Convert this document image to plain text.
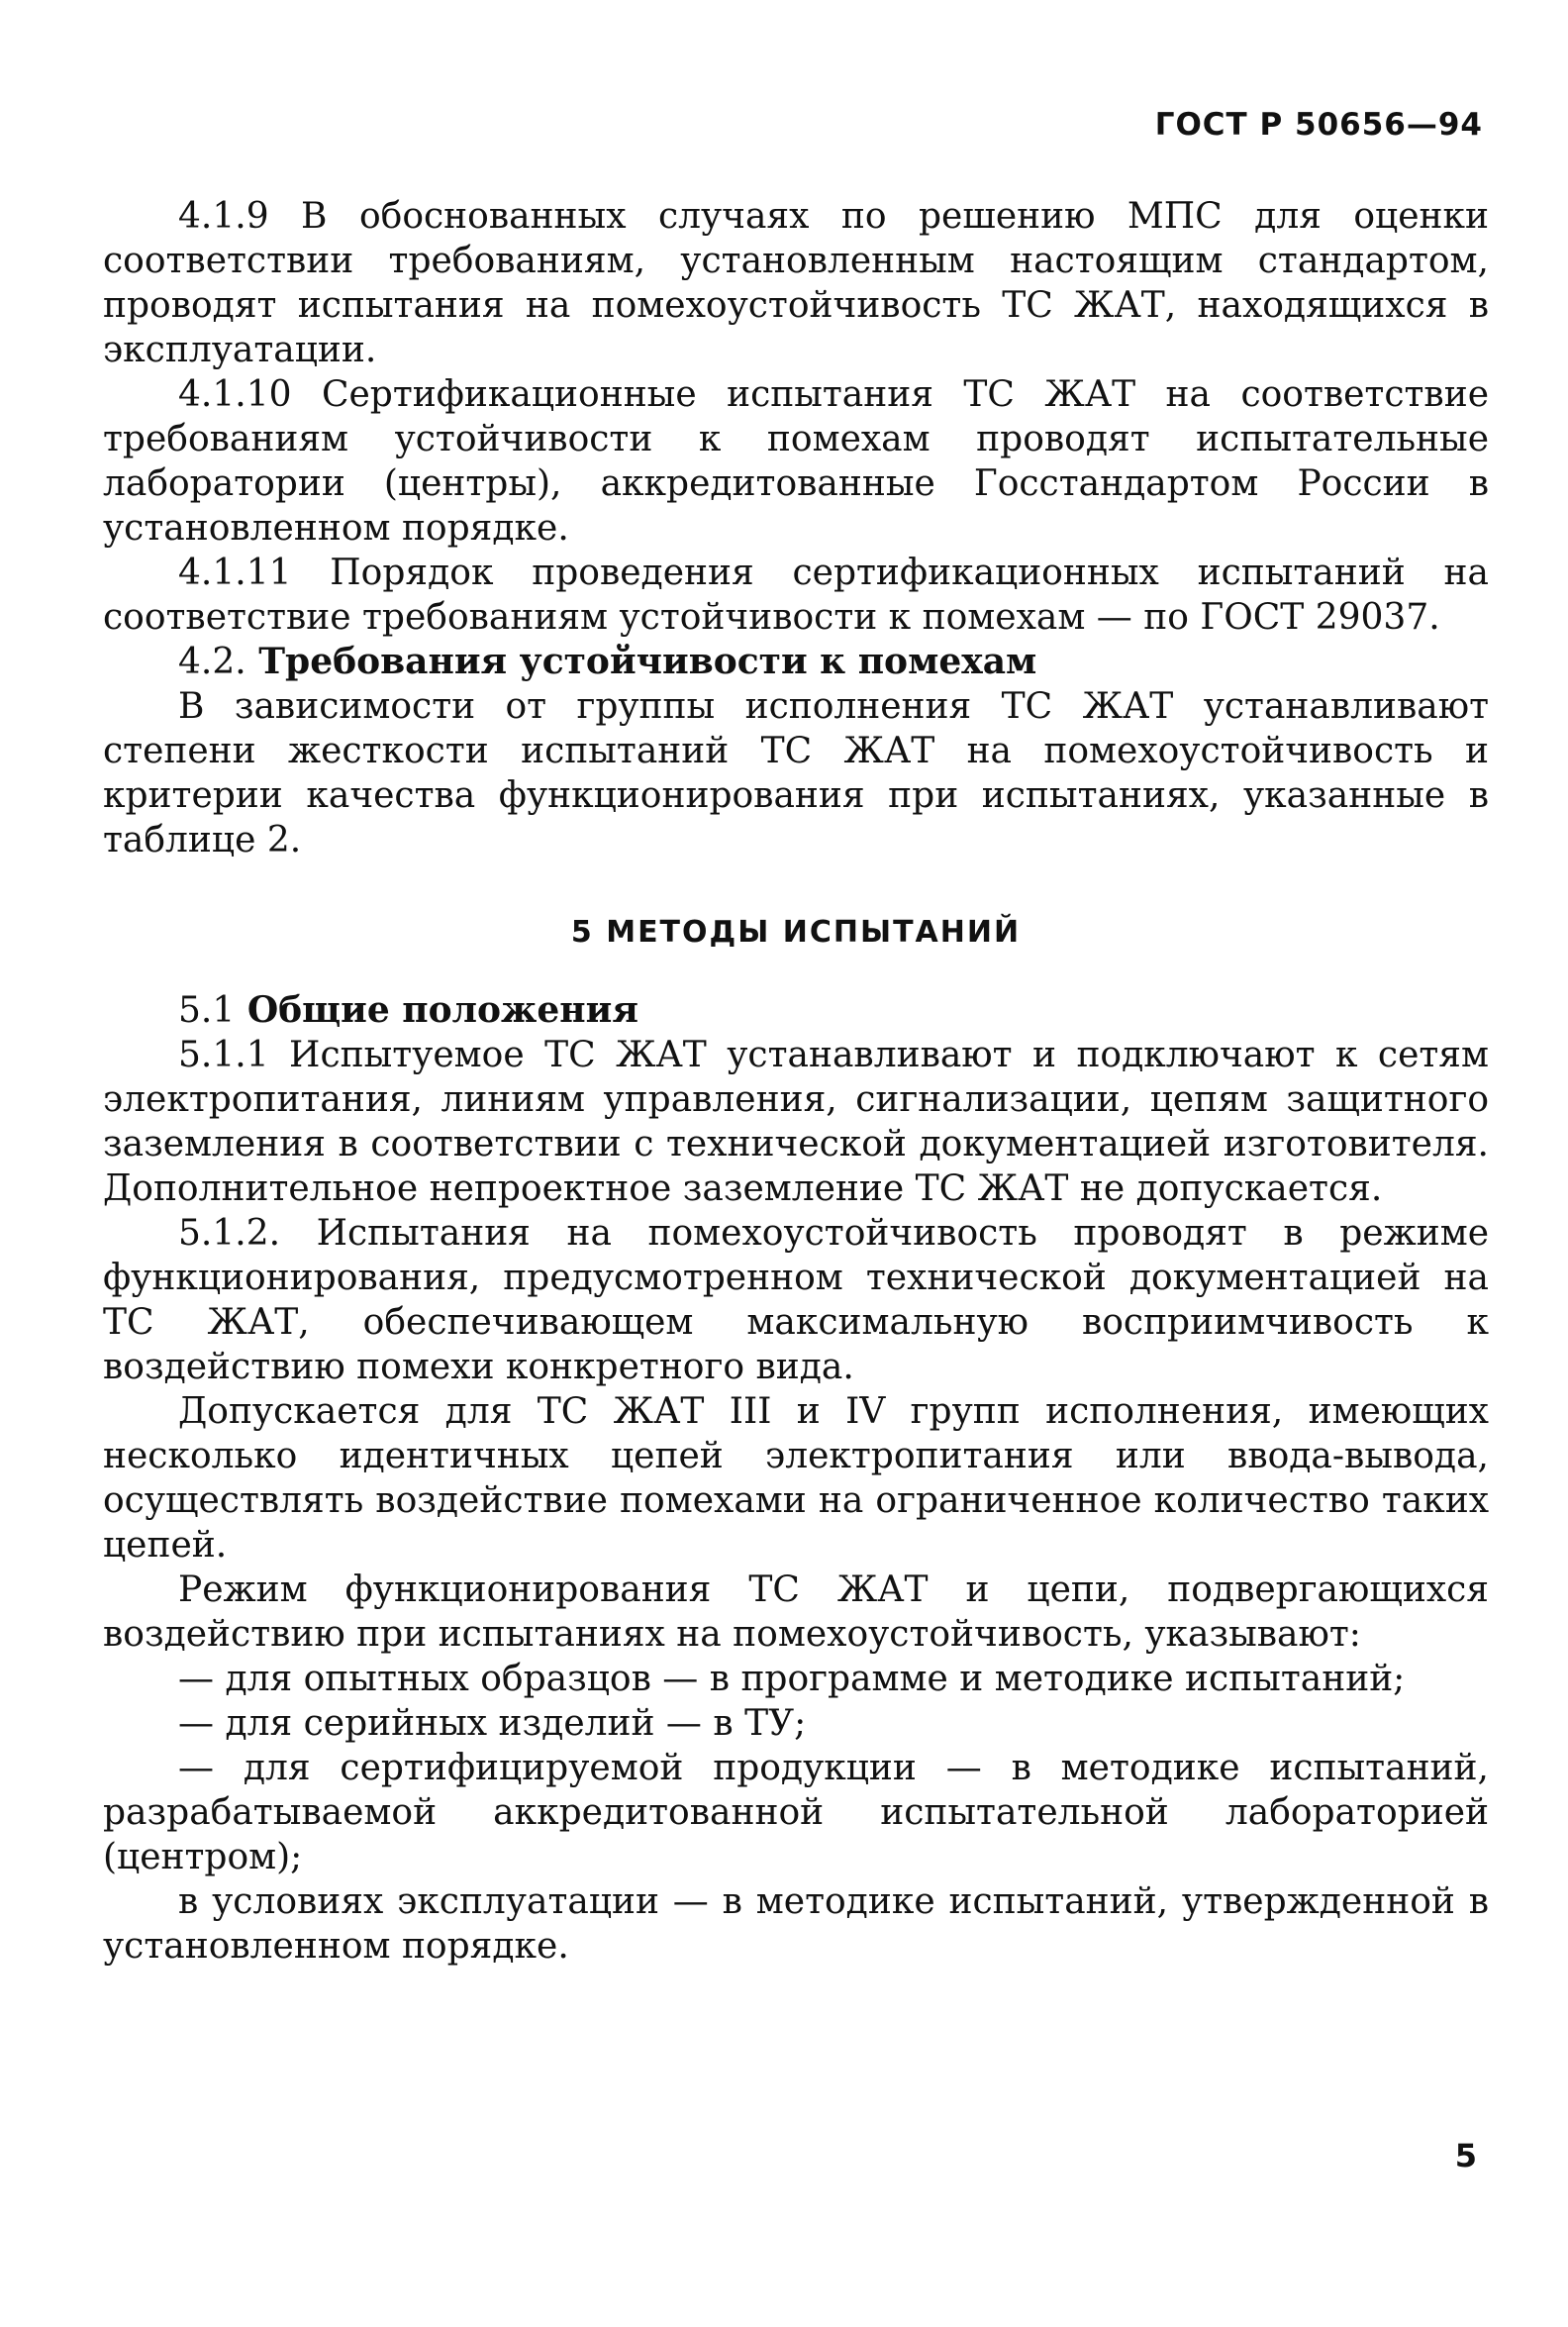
ГОСТ Р 50656—94

4.1.9 В обоснованных случаях по решению МПС для оценки соответствии требованиям, установленным настоящим стандартом, проводят испытания на помехоустойчивость ТС ЖАТ, находящихся в эксплуатации.

4.1.10 Сертификационные испытания ТС ЖАТ на соответствие требованиям устойчивости к помехам проводят испытательные лаборатории (центры), аккредитованные Госстандартом России в установленном порядке.

4.1.11 Порядок проведения сертификационных испытаний на соответствие требованиям устойчивости к помехам — по ГОСТ 29037.

4.2. Требования устойчивости к помехам

В зависимости от группы исполнения ТС ЖАТ устанавливают степени жесткости испытаний ТС ЖАТ на помехоустойчивость и критерии качества функционирования при испытаниях, указанные в таблице 2.

5 МЕТОДЫ ИСПЫТАНИЙ

5.1 Общие положения

5.1.1 Испытуемое ТС ЖАТ устанавливают и подключают к сетям электропитания, линиям управления, сигнализации, цепям защитного заземления в соответствии с технической документацией изготовителя. Дополнительное непроектное заземление ТС ЖАТ не допускается.

5.1.2. Испытания на помехоустойчивость проводят в режиме функционирования, предусмотренном технической документацией на ТС ЖАТ, обеспечивающем максимальную восприимчивость к воздействию помехи конкретного вида.

Допускается для ТС ЖАТ III и IV групп исполнения, имеющих несколько идентичных цепей электропитания или ввода-вывода, осуществлять воздействие помехами на ограниченное количество таких цепей.

Режим функционирования ТС ЖАТ и цепи, подвергающихся воздействию при испытаниях на помехоустойчивость, указывают:

— для опытных образцов — в программе и методике испытаний;

— для серийных изделий — в ТУ;

— для сертифицируемой продукции — в методике испытаний, разрабатываемой аккредитованной испытательной лабораторией (центром);

в условиях эксплуатации — в методике испытаний, утвержденной в установленном порядке.

5
